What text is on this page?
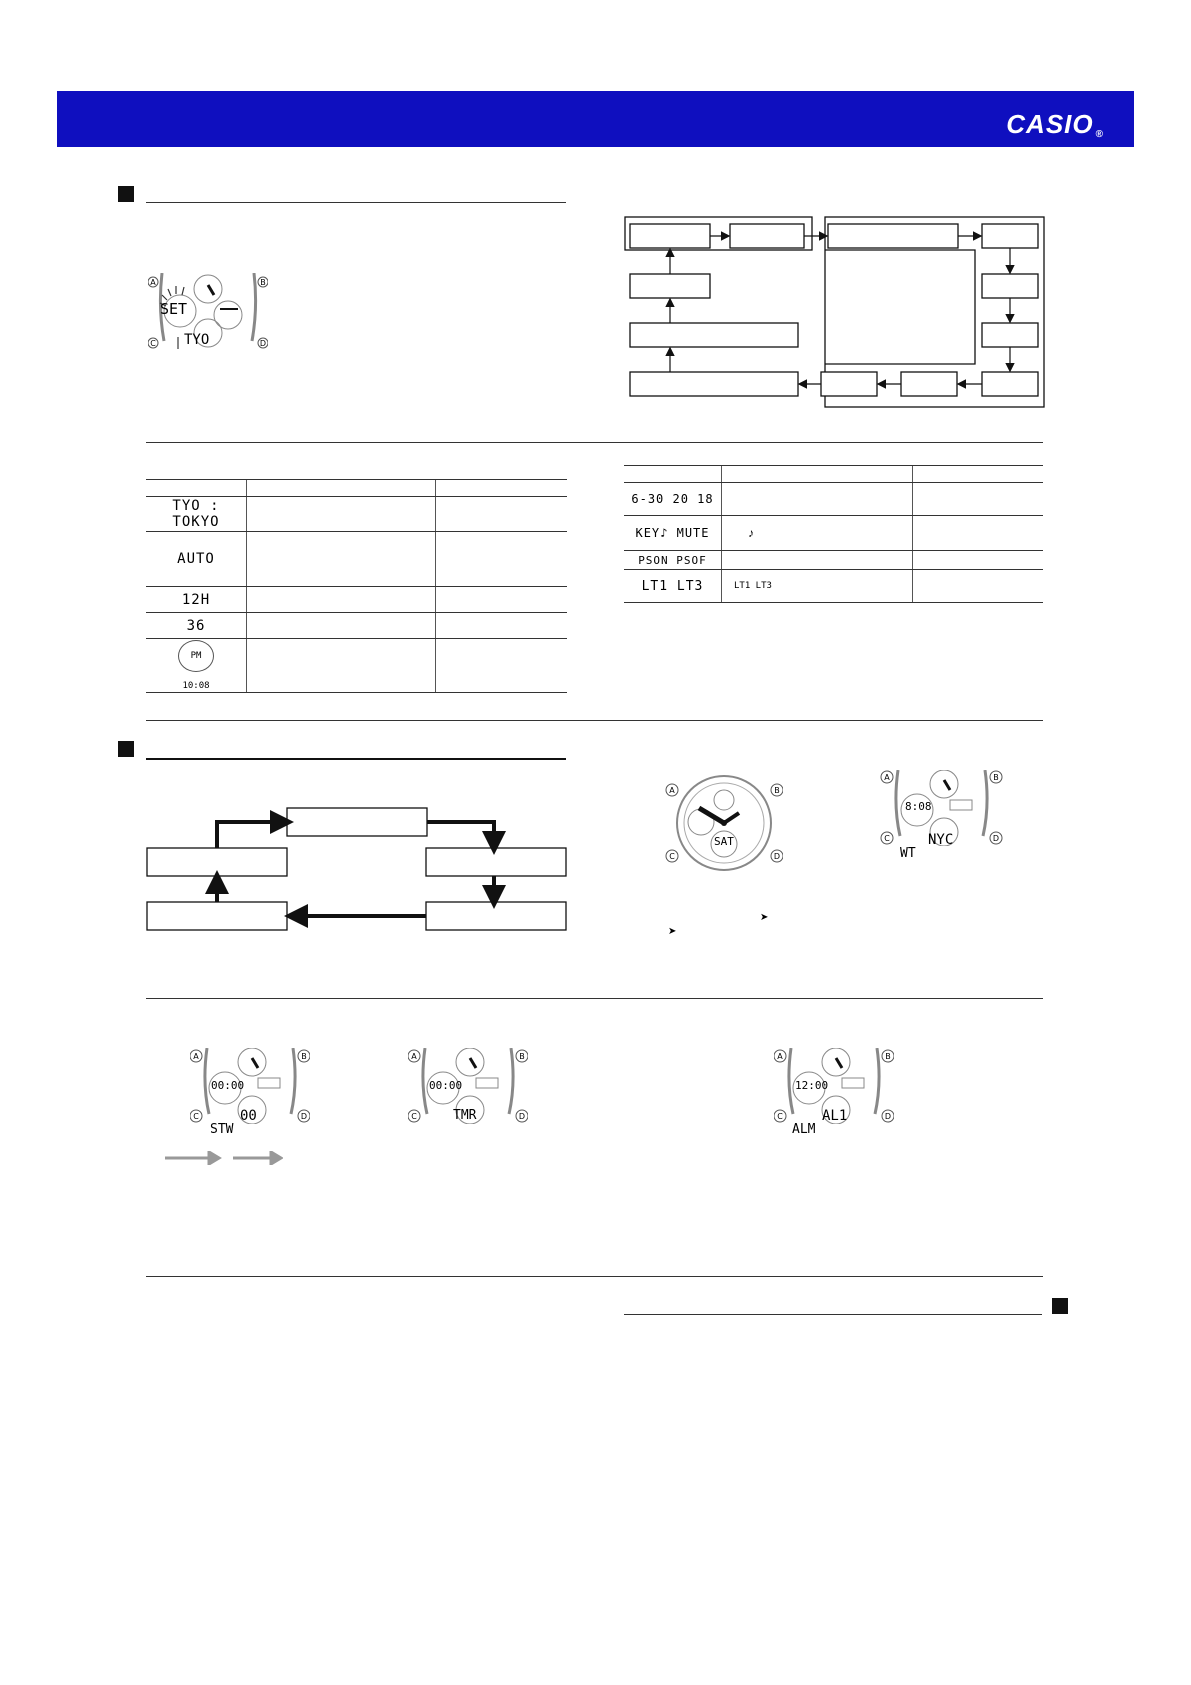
CASIO ®
A	B
C	D
SET
TYO

TYO : TOKYO		
AUTO		
12H		
36		
PM 10:08		

6-30 20 18		
KEY♪ MUTE	♪	
PSON PSOF		
LT1 LT3	LT1 LT3	
A	B
C	D
SAT
A	B
C	D
8:08
NYC
WT
➤
➤
A	B
C	D
00:00
00
STW
A	B
C	D
00:00
TMR
A	B
C	D
12:00
AL1
ALM
